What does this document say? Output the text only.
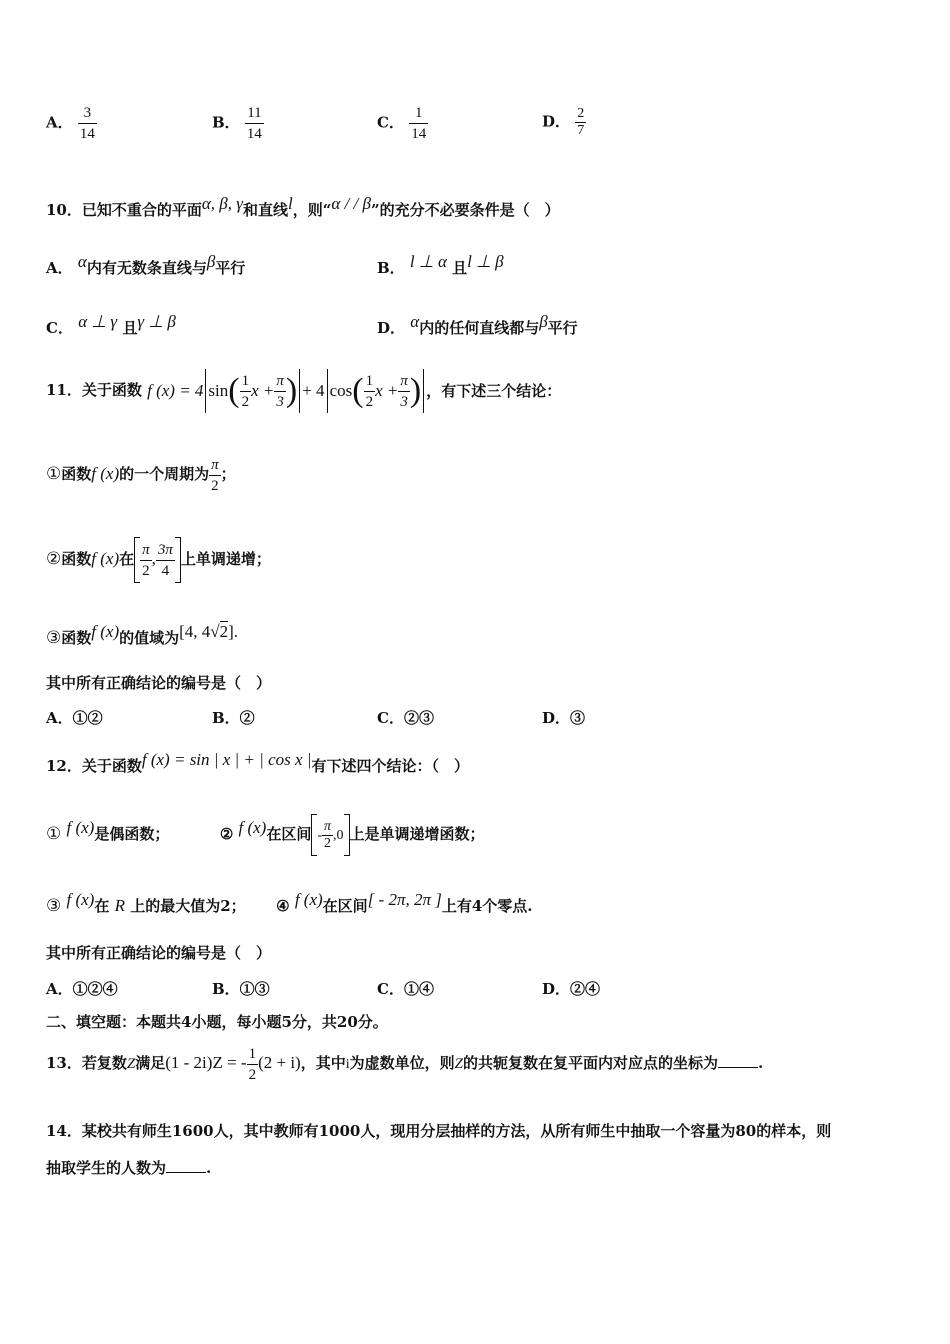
A． $\frac{3}{14}$	B． $\frac{11}{14}$	C． $\frac{1}{14}$	D． $\frac{2}{7}$
10．已知不重合的平面$^{\alpha, \beta, \gamma}$和直线$^l$，则“$^{\alpha / / \beta}$”的充分不必要条件是（　）
A． $^\alpha$内有无数条直线与$^\beta$平行	B． $^{l \perp \alpha}$ 且$^{l \perp \beta}$
C． $^{\alpha \perp \gamma}$ 且$^{\gamma \perp \beta}$	D． $^\alpha$内的任何直线都与$^\beta$平行
11．关于函数 f (x) = 4 $\sin( \frac{1}{2}$ $x + \frac{\pi}{3}$ ) + 4 $\cos( \frac{1}{2}$ $x + \frac{\pi}{3}$ ) ，有下述三个结论：
①函数f (x)的一个周期为 $\frac{\pi}{2}$ ；
②函数f (x)在 $\frac{\pi}{2}$ , $\frac{3\pi}{4}$ 上单调递增；
③函数$^{f (x)}$的值域为$^{[4, 4√2].}$
其中所有正确结论的编号是（　）
A．①②	B．②	C．②③	D．③
12．关于函数$^{f (x) = sin | x | + | cos x |}$有下述四个结论：（　）
① $^{f (x)}$是偶函数；	② $^{f (x)}$在区间 - $\frac{\pi}{2} ,0$ 上是单调递增函数；
③ $^{f (x)}$在 R 上的最大值为2； ④ $^{f (x)}$在区间[ - 2π, 2π ]上有4个零点.
其中所有正确结论的编号是（　）
A．①②④	B．①③	C．①④	D．②④
二、填空题：本题共4小题，每小题5分，共20分。
13．若复数Z满足(1 - 2i)Z = - $\frac{1}{2} (2 + i)$，其中i为虚数单位，则Z的共轭复数在复平面内对应点的坐标为	.
14．某校共有师生1600人，其中教师有1000人，现用分层抽样的方法，从所有师生中抽取一个容量为80的样本，则
抽取学生的人数为	.
